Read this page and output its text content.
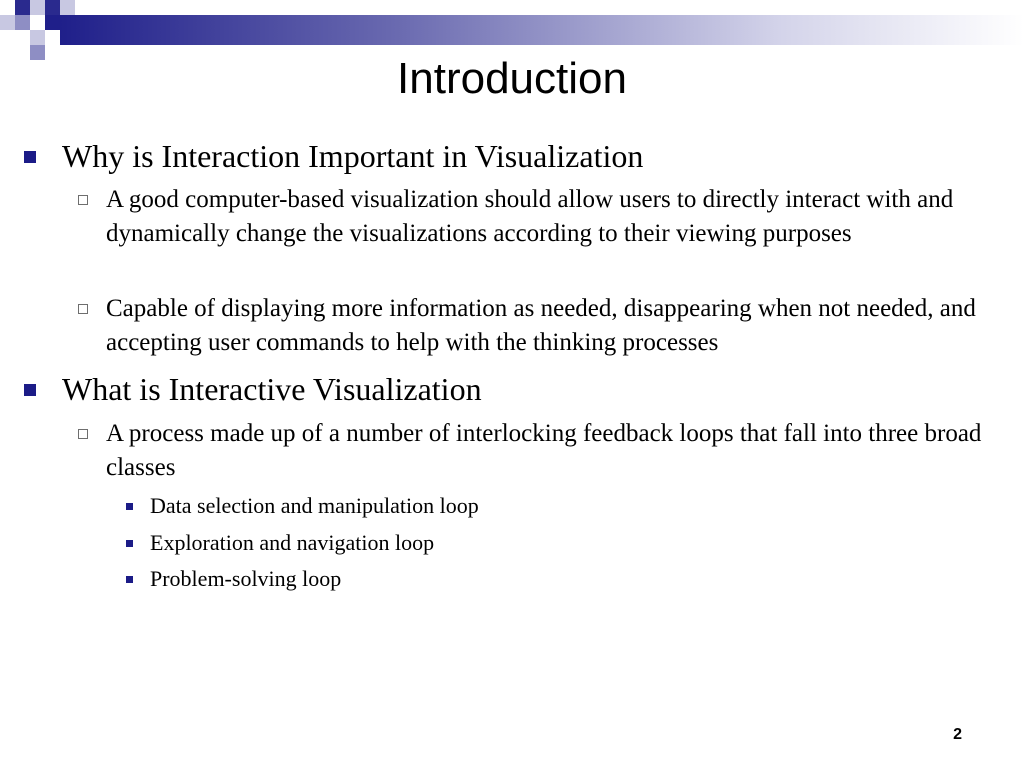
Introduction
Why is Interaction Important in Visualization
A good computer-based visualization should allow users to directly interact with and dynamically change the visualizations according to their viewing purposes
Capable of displaying more information as needed, disappearing when not needed, and accepting user commands to help with the thinking processes
What is Interactive Visualization
A process made up of a number of interlocking feedback loops that fall into three broad classes
Data selection and manipulation loop
Exploration and navigation loop
Problem-solving loop
2
